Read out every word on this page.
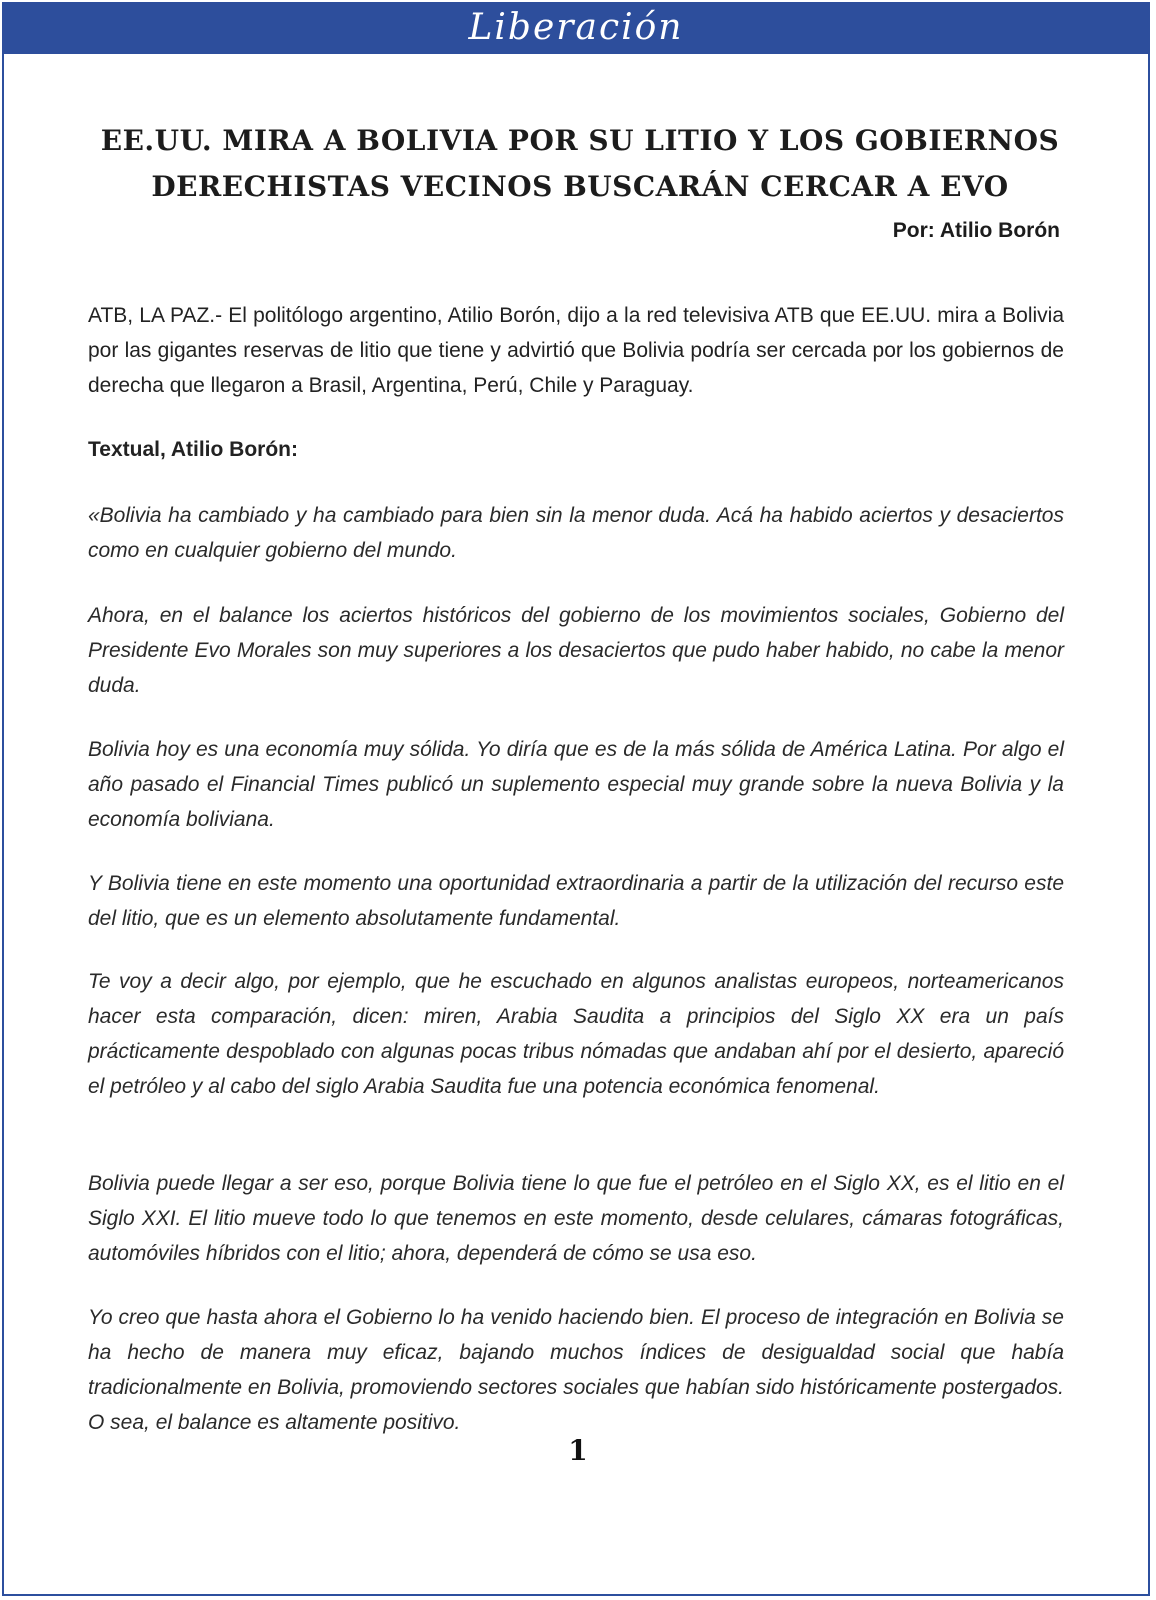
Liberación
EE.UU. MIRA A BOLIVIA POR SU LITIO Y LOS GOBIERNOS
DERECHISTAS VECINOS BUSCARÁN CERCAR A EVO
Por: Atilio Borón
ATB, LA PAZ.- El politólogo argentino, Atilio Borón, dijo a la red televisiva ATB que EE.UU. mira a Bolivia por las gigantes reservas de litio que tiene y advirtió que Bolivia podría ser cercada por los gobiernos de derecha que llegaron a Brasil, Argentina, Perú, Chile y Paraguay.
Textual, Atilio Borón:
«Bolivia ha cambiado y ha cambiado para bien sin la menor duda. Acá ha habido aciertos y desaciertos como en cualquier gobierno del mundo.
Ahora, en el balance los aciertos históricos del gobierno de los movimientos sociales, Gobierno del Presidente Evo Morales son muy superiores a los desaciertos que pudo haber habido, no cabe la menor duda.
Bolivia hoy es una economía muy sólida. Yo diría que es de la más sólida de América Latina. Por algo el año pasado el Financial Times publicó un suplemento especial muy grande sobre la nueva Bolivia y la economía boliviana.
Y Bolivia tiene en este momento una oportunidad extraordinaria a partir de la utilización del recurso este del litio, que es un elemento absolutamente fundamental.
Te voy a decir algo, por ejemplo, que he escuchado en algunos analistas europeos, norteamericanos hacer esta comparación, dicen: miren, Arabia Saudita a principios del Siglo XX era un país prácticamente despoblado con algunas pocas tribus nómadas que andaban ahí por el desierto, apareció el petróleo y al cabo del siglo Arabia Saudita fue una potencia económica fenomenal.
Bolivia puede llegar a ser eso, porque Bolivia tiene lo que fue el petróleo en el Siglo XX, es el litio en el Siglo XXI. El litio mueve todo lo que tenemos en este momento, desde celulares, cámaras fotográficas, automóviles híbridos con el litio; ahora, dependerá de cómo se usa eso.
Yo creo que hasta ahora el Gobierno lo ha venido haciendo bien. El proceso de integración en Bolivia se ha hecho de manera muy eficaz, bajando muchos índices de desigualdad social que había tradicionalmente en Bolivia, promoviendo sectores sociales que habían sido históricamente postergados. O sea, el balance es altamente positivo.
1
